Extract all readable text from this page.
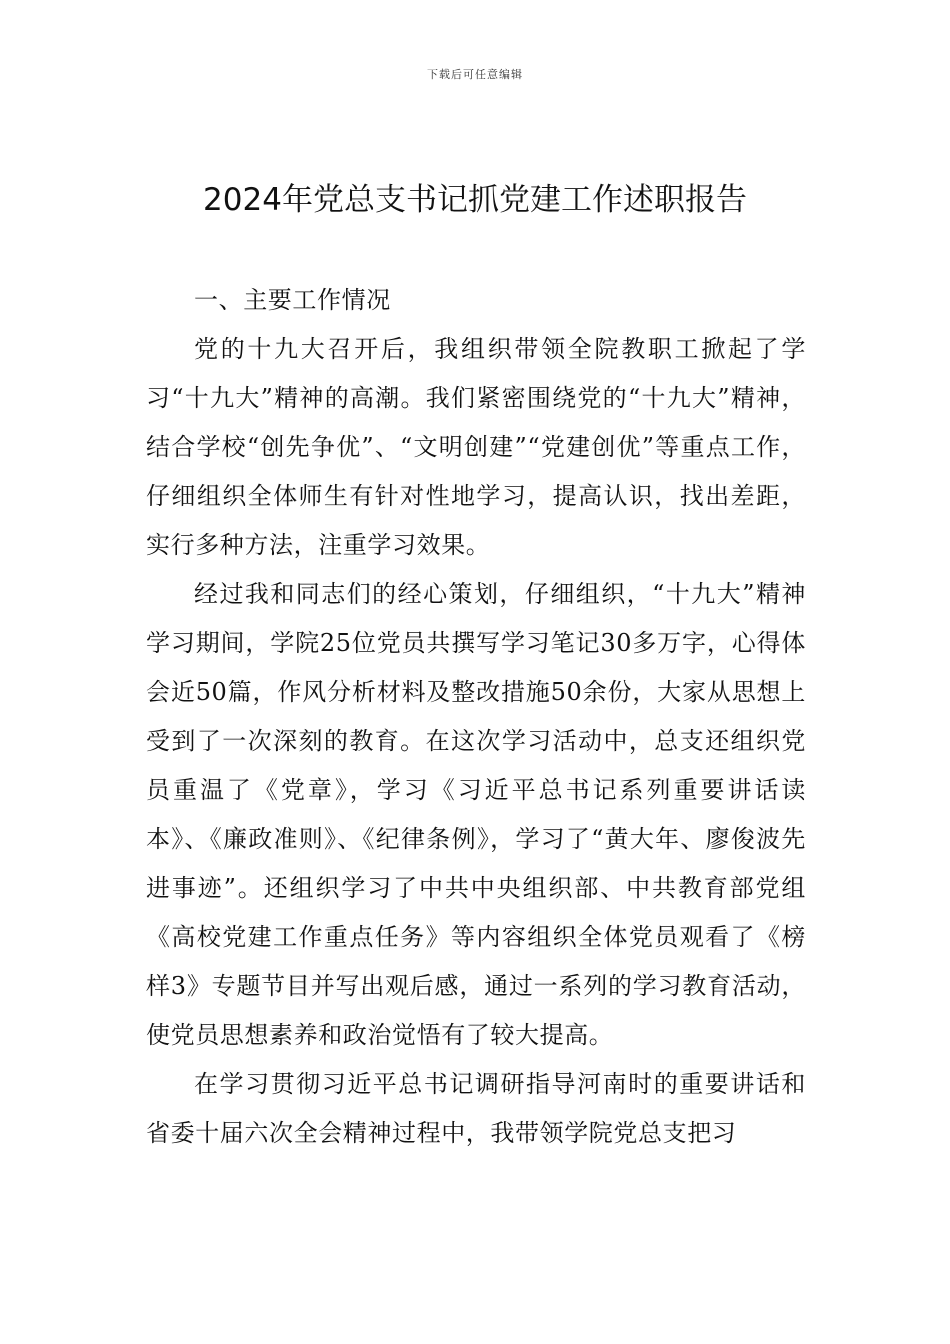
下载后可任意编辑
2024年党总支书记抓党建工作述职报告

一、主要工作情况

党的十九大召开后，我组织带领全院教职工掀起了学习“十九大”精神的高潮。我们紧密围绕党的“十九大”精神，结合学校“创先争优”、“文明创建”“党建创优”等重点工作，仔细组织全体师生有针对性地学习，提高认识，找出差距，实行多种方法，注重学习效果。

经过我和同志们的经心策划，仔细组织，“十九大”精神学习期间，学院25位党员共撰写学习笔记30多万字，心得体会近50篇，作风分析材料及整改措施50余份，大家从思想上受到了一次深刻的教育。在这次学习活动中，总支还组织党员重温了《党章》，学习《习近平总书记系列重要讲话读本》、《廉政准则》、《纪律条例》，学习了“黄大年、廖俊波先进事迹”。还组织学习了中共中央组织部、中共教育部党组《高校党建工作重点任务》等内容组织全体党员观看了《榜样3》专题节目并写出观后感，通过一系列的学习教育活动，使党员思想素养和政治觉悟有了较大提高。

在学习贯彻习近平总书记调研指导河南时的重要讲话和省委十届六次全会精神过程中，我带领学院党总支把习
